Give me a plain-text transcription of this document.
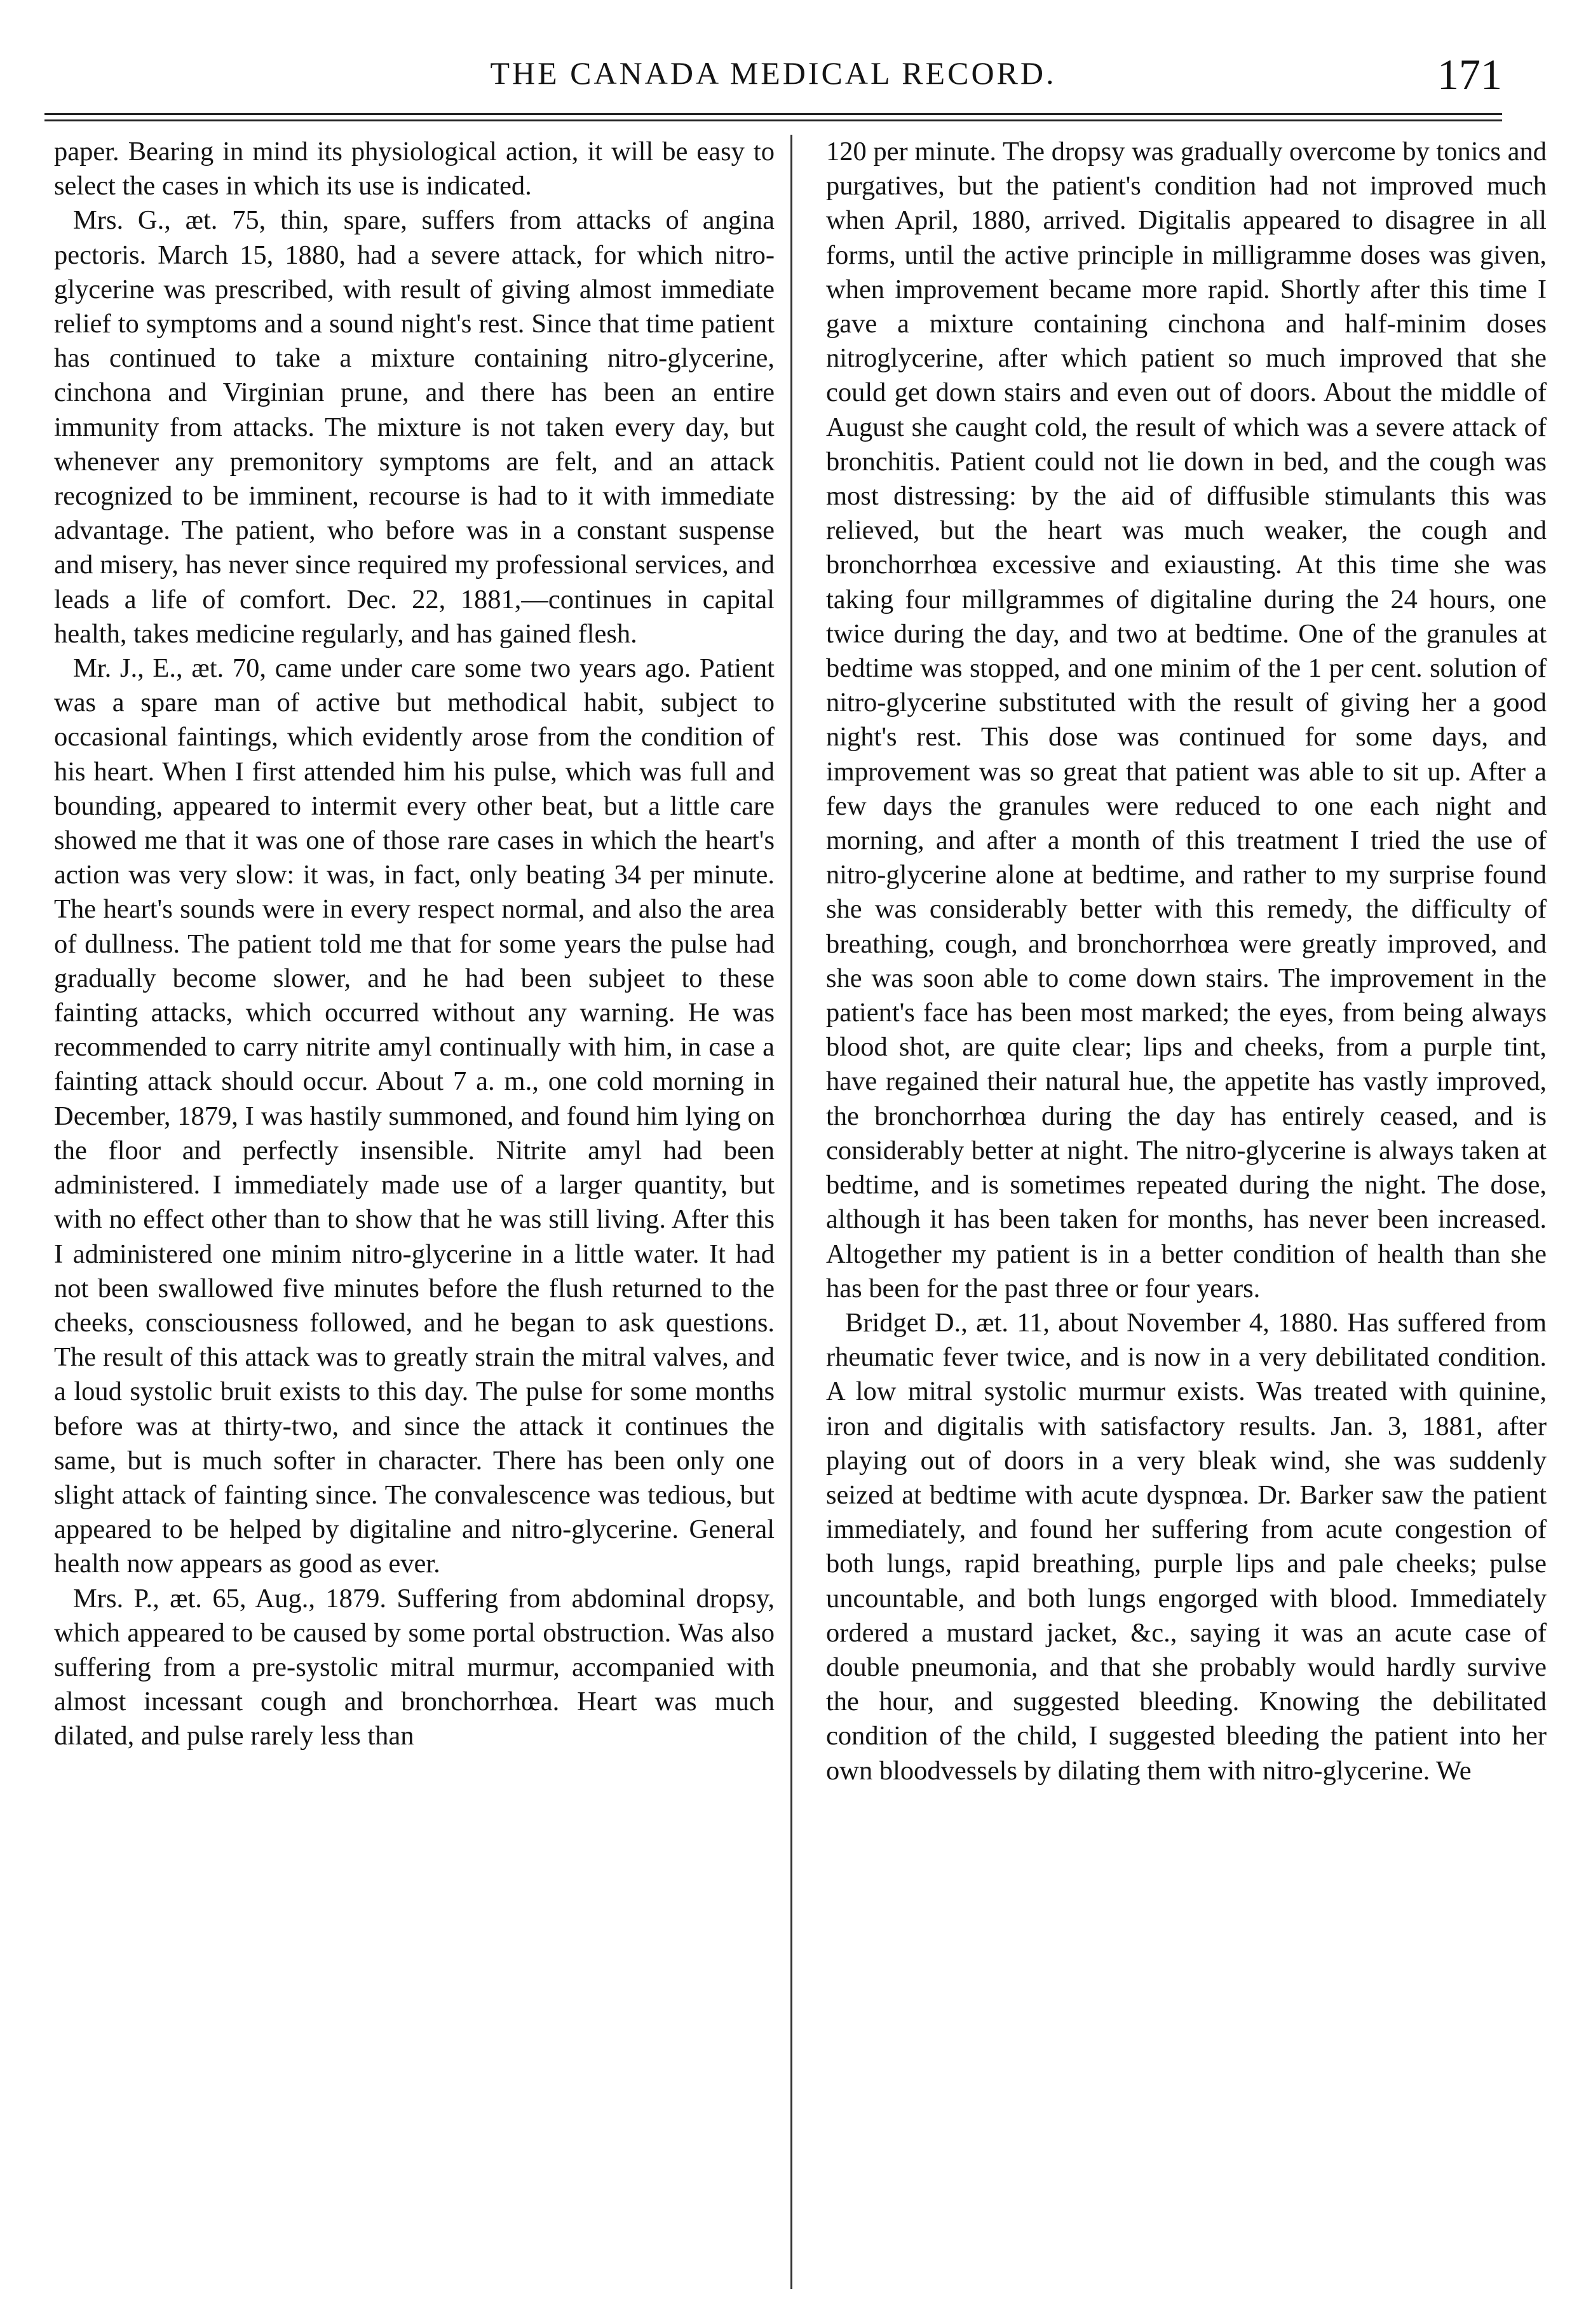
THE CANADA MEDICAL RECORD.	171

paper. Bearing in mind its physiological action, it will be easy to select the cases in which its use is indicated.

Mrs. G., æt. 75, thin, spare, suffers from attacks of angina pectoris. March 15, 1880, had a severe attack, for which nitro-glycerine was prescribed, with result of giving almost immediate relief to symptoms and a sound night's rest. Since that time patient has continued to take a mixture containing nitro-glycerine, cinchona and Virginian prune, and there has been an entire immunity from attacks. The mixture is not taken every day, but whenever any premonitory symptoms are felt, and an attack recognized to be imminent, recourse is had to it with immediate advantage. The patient, who before was in a constant suspense and misery, has never since required my professional services, and leads a life of comfort. Dec. 22, 1881,—continues in capital health, takes medicine regularly, and has gained flesh.

Mr. J., E., æt. 70, came under care some two years ago. Patient was a spare man of active but methodical habit, subject to occasional faintings, which evidently arose from the condition of his heart. When I first attended him his pulse, which was full and bounding, appeared to intermit every other beat, but a little care showed me that it was one of those rare cases in which the heart's action was very slow: it was, in fact, only beating 34 per minute. The heart's sounds were in every respect normal, and also the area of dullness. The patient told me that for some years the pulse had gradually become slower, and he had been subjeet to these fainting attacks, which occurred without any warning. He was recommended to carry nitrite amyl continually with him, in case a fainting attack should occur. About 7 a. m., one cold morning in December, 1879, I was hastily summoned, and found him lying on the floor and perfectly insensible. Nitrite amyl had been administered. I immediately made use of a larger quantity, but with no effect other than to show that he was still living. After this I administered one minim nitro-glycerine in a little water. It had not been swallowed five minutes before the flush returned to the cheeks, consciousness followed, and he began to ask questions. The result of this attack was to greatly strain the mitral valves, and a loud systolic bruit exists to this day. The pulse for some months before was at thirty-two, and since the attack it continues the same, but is much softer in character. There has been only one slight attack of fainting since. The convalescence was tedious, but appeared to be helped by digitaline and nitro-glycerine. General health now appears as good as ever.

Mrs. P., æt. 65, Aug., 1879. Suffering from abdominal dropsy, which appeared to be caused by some portal obstruction. Was also suffering from a pre-systolic mitral murmur, accompanied with almost incessant cough and bronchorrhœa. Heart was much dilated, and pulse rarely less than

120 per minute. The dropsy was gradually overcome by tonics and purgatives, but the patient's condition had not improved much when April, 1880, arrived. Digitalis appeared to disagree in all forms, until the active principle in milligramme doses was given, when improvement became more rapid. Shortly after this time I gave a mixture containing cinchona and half-minim doses nitroglycerine, after which patient so much improved that she could get down stairs and even out of doors. About the middle of August she caught cold, the result of which was a severe attack of bronchitis. Patient could not lie down in bed, and the cough was most distressing: by the aid of diffusible stimulants this was relieved, but the heart was much weaker, the cough and bronchorrhœa excessive and exiausting. At this time she was taking four millgrammes of digitaline during the 24 hours, one twice during the day, and two at bedtime. One of the granules at bedtime was stopped, and one minim of the 1 per cent. solution of nitro-glycerine substituted with the result of giving her a good night's rest. This dose was continued for some days, and improvement was so great that patient was able to sit up. After a few days the granules were reduced to one each night and morning, and after a month of this treatment I tried the use of nitro-glycerine alone at bedtime, and rather to my surprise found she was considerably better with this remedy, the difficulty of breathing, cough, and bronchorrhœa were greatly improved, and she was soon able to come down stairs. The improvement in the patient's face has been most marked; the eyes, from being always blood shot, are quite clear; lips and cheeks, from a purple tint, have regained their natural hue, the appetite has vastly improved, the bronchorrhœa during the day has entirely ceased, and is considerably better at night. The nitro-glycerine is always taken at bedtime, and is sometimes repeated during the night. The dose, although it has been taken for months, has never been increased. Altogether my patient is in a better condition of health than she has been for the past three or four years.

Bridget D., æt. 11, about November 4, 1880. Has suffered from rheumatic fever twice, and is now in a very debilitated condition. A low mitral systolic murmur exists. Was treated with quinine, iron and digitalis with satisfactory results. Jan. 3, 1881, after playing out of doors in a very bleak wind, she was suddenly seized at bedtime with acute dyspnœa. Dr. Barker saw the patient immediately, and found her suffering from acute congestion of both lungs, rapid breathing, purple lips and pale cheeks; pulse uncountable, and both lungs engorged with blood. Immediately ordered a mustard jacket, &c., saying it was an acute case of double pneumonia, and that she probably would hardly survive the hour, and suggested bleeding. Knowing the debilitated condition of the child, I suggested bleeding the patient into her own bloodvessels by dilating them with nitro-glycerine. We
